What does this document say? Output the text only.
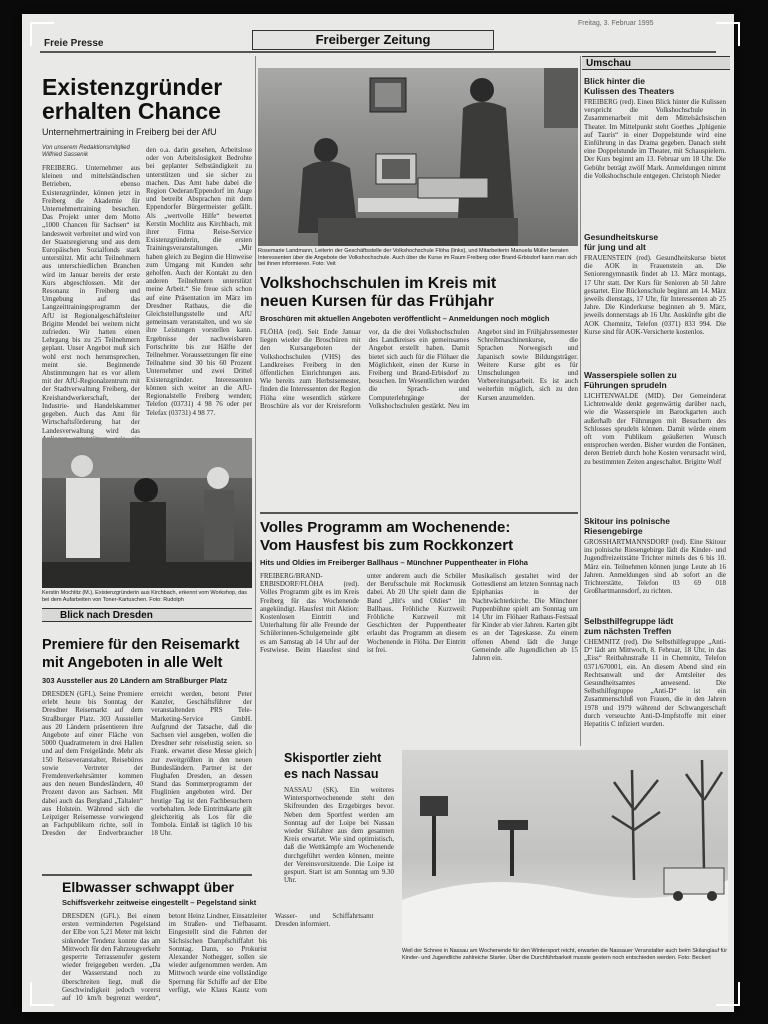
Freie Presse	Freiberger Zeitung
Freitag, 3. Februar 1995
Existenzgründer
erhalten Chance
Unternehmertraining in Freiberg bei der AfU
Von unserem Redaktionsmitglied
Wilfried Sassenik
FREIBERG. Unternehmer aus kleinen und mittelständischen Betrieben, ebenso Existenzgründer, können jetzt in Freiberg die Akademie für Unternehmertraining besuchen. Das Projekt unter dem Motto „1000 Chancen für Sachsen“ ist landesweit verbreitet und wird von der Staatsregierung und aus dem Europäischen Sozialfonds stark unterstützt. Mit acht Teilnehmern aus unterschiedlichen Branchen wird im Januar bereits der erste Kurs abgeschlossen. Mit der Resonanz in Freiberg und Umgebung auf das Langzeittrainingsprogramm der AfU ist Regionalgeschäftsleiter Brigitte Mendel bei weitem nicht zufrieden. Wir hatten einen Lehrgang bis zu 25 Teilnehmern geplant. Unser Angebot muß sich wohl erst noch herumsprechen, meint sie. Beginnende Abstimmungen hat es vor allem mit der AfU-Regionalzentrum mit der Stadtverwaltung Freiberg, der Kreishandwerkerschaft, der Industrie- und Handelskammer gegeben. Auch das Amt für Wirtschaftsförderung hat der Landesverwaltung wird das
den o.a. darin gesehen, Arbeitslose oder von Arbeitslosigkeit Bedrohte bei geplanter Selbständigkeit zu unterstützen und sie sicher zu machen. Das Amt habe dabei die Region Oederan/Eppendorf im Auge und betreibt Absprachen mit dem Eppendorfer Bürgermeister gefällt. Als „wertvolle Hilfe“ bewertet Kerstin Mochlitz aus Kirchbach, mit ihrer Firma Reise-Service Existenzgründerin, die ersten Trainingsveranstaltungen. „Mir haben gleich zu Beginn die Hinweise zum Umgang mit Kunden sehr geholfen. Auch der Kontakt zu den anderen Teilnehmern unterstützt meine Arbeit.“ Sie freue sich schon auf eine Präsentation im März im Dresdner Rathaus, die die Gleichstellungsstelle und AfU gemeinsam veranstalten, und wo sie ihre Leistungen vorstellen kann. Ergebnisse der nachweisbaren Fortschritte bis zur Hälfte der Teilnehmer. Voraussetzungen für eine Teilnahme sind 30 bis 60 Prozent Unternehmer und zwei Drittel Existenzgründer. Interessenten können sich weiter an die AfU-Regionalstelle Freiberg wenden; Telefon (03731) 4 98 76 oder per Telefax (03731) 4 98 77.
Rosemarie Landmann, Leiterin der Geschäftsstelle der Volkshochschule Flöha (links), und Mitarbeiterin Manuela Müller beraten Interessenten über die Angebote der Volkshochschule. Auch über die Kurse im Raum Freiberg oder Brand-Erbisdorf kann man sich bei ihnen informieren. Foto: Veit
Volkshochschulen im Kreis mit
neuen Kursen für das Frühjahr
Broschüren mit aktuellen Angeboten veröffentlicht – Anmeldungen noch möglich
FLÖHA (red). Seit Ende Januar liegen wieder die Broschüren mit den Kursangeboten der Volkshochschulen (VHS) des Landkreises Freiberg in den öffentlichen Einrichtungen aus. Wie bereits zum Herbstsemester, finden die Interessenten der Region Flöha eine wesentlich stärkere Broschüre als vor der Kreisreform vor, da die drei Volkshochschulen des Landkreises ein gemeinsames Angebot erstellt haben. Damit bietet sich auch für die Flöhaer die Möglichkeit, einen der Kurse in Freiberg und Brand-Erbisdorf zu besuchen. Im Wesentlichen wurden die Sprach- und Computerlehrgänge der Volkshochschulen gestärkt. Neu im Angebot sind im Frühjahrssemester Schreibmaschinenkurse, die Sprachen Norwegisch und Japanisch sowie Bildungsträger. Weitere Kurse gibt es für Umschulungen und Vorbereitungsarbeit. Es ist auch weiterhin möglich, sich zu den Kursen anzumelden.
Kerstin Mochlitz (M.), Existenzgründerin aus Kirchbach, erkennt vom Workshop, das bei dem Aufarbeiten von Toner-Kartuschen. Foto: Rudolph
Blick nach Dresden
Premiere für den Reisemarkt
mit Angeboten in alle Welt
303 Aussteller aus 20 Ländern am Straßburger Platz
DRESDEN (GFL). Seine Premiere erlebt heute bis Sonntag der Dresdner Reisemarkt auf dem Straßburger Platz. 303 Aussteller aus 20 Ländern präsentieren ihre Angebote auf einer Fläche von 5000 Quadratmetern in drei Hallen und auf dem Freigelände. Mehr als 150 Reiseveranstalter, Reisebüros sowie Vertreter der Fremdenverkehrsämter kommen aus den neuen Bundesländern, 40 Prozent davon aus Sachsen. Mit dabei auch das Bergland „Taltalen“ aus Holstein. Während sich die Leipziger Reisemesse vorwiegend an Fachpublikum richte, soll in Dresden der Endverbraucher erreicht werden, betont Peter Kanzler, Geschäftsführer der veranstaltenden PRS Tele-Marketing-Service GmbH. Aufgrund der Tatsache, daß die Sachsen viel ausgeben, wollen die Dresdner sehr reiselustig seien. so Frank. erwartet diese Messe gleich zur zweitgrößten in den neuen Bundesländern. Partner ist der Flughafen Dresden, an dessen Stand das Sommerprogramm der Fluglinien angeboten wird. Der heutige Tag ist den Fachbesuchern vorbehalten. Jede Eintrittskarte gilt gleichzeitig als Los für die Tombola. Einlaß ist täglich 10 bis 18 Uhr.
Volles Programm am Wochenende:
Vom Hausfest bis zum Rockkonzert
Hits und Oldies im Freiberger Ballhaus – Münchner Puppentheater in Flöha
FREIBERG/BRAND-ERBISDORF/FLÖHA (red). Volles Programm gibt es im Kreis Freiberg für das Wochenende angekündigt. Hausfest mit Aktion: Kostenlosen Eintritt und Unterhaltung für alle Freunde der Schülerinnen-Schulgemeinde gibt es am Samstag ab 14 Uhr auf der Festwiese. Beim Hausfest sind unter anderem auch die Schüler der Berufsschule mit Rockmusik dabei. Ab 20 Uhr spielt dann die Band „Hit's und Oldies“ im Ballhaus. Fröhliche Kurzweil: Fröhliche Kurzweil mit Geschichten der Puppentheater erlaubt das Programm an diesem Wochenende in Flöha. Der Eintritt ist frei.
Musikalisch gestaltet wird der Gottesdienst am letzten Sonntag nach Epiphanias in der Nachtwächterkirche. Die Münchner Puppenbühne spielt am Sonntag um 14 Uhr im Flöhaer Rathaus-Festsaal für Kinder ab vier Jahren. Karten gibt es an der Tageskasse. Zu einem offenen Abend lädt die Junge Gemeinde alle Jugendlichen ab 15 Jahren ein.
Elbwasser schwappt über
Schiffsverkehr zeitweise eingestellt – Pegelstand sinkt
DRESDEN (GFL). Bei einem ersten verminderten Pegelstand der Elbe von 5,21 Meter mit leicht sinkender Tendenz konnte das am Mittwoch für den Fahrzeugverkehr gesperrte Terrassenufer gestern wieder freigegeben werden. „Da der Wasserstand noch zu überschreiten liegt, muß die Geschwindigkeit jedoch vorerst auf 10 km/h begrenzt werden“, betont Heinz Lindner, Einsatzleiter im Straßen- und Tiefbauamt. Eingestellt sind die Fahrten der Sächsischen Dampfschiffahrt bis Sonntag. Dann, so Prokurist Alexander Nothegger, sollen sie wieder aufgenommen werden. Am Mittwoch wurde eine vollständige Sperrung für Schiffe auf der Elbe verfügt, wie Klaus Kautz vom Wasser- und Schiffahrtsamt Dresden informiert.
Skisportler zieht
es nach Nassau
NASSAU (SK). Ein weiteres Wintersportwochenende steht den Skifreunden des Erzgebirges bevor. Neben dem Sportfest werden am Sonntag auf der Loipe bei Nassau wieder Skifahrer aus dem gesamten Kreis erwartet. Wie sind optimistisch, daß die Wettkämpfe am Wochenende durchgeführt werden können, meinte der Vereinsvorsitzende. Die Loipe ist gespurt. Start ist am Sonntag um 9.30 Uhr.
Weil der Schnee in Nassau am Wochenende für den Wintersport reicht, erwarten die Nassauer Veranstalter auch beim Skilanglauf für Kinder- und Jugendliche zahlreiche Starter. Über die Durchführbarkeit musste gestern noch entschieden werden. Foto: Beckert
Umschau
Blick hinter die
Kulissen des Theaters
FREIBERG (red). Einen Blick hinter die Kulissen verspricht die Volkshochschule in Zusammenarbeit mit dem Mittelsächsischen Theater. Im Mittelpunkt steht Goethes „Iphigenie auf Tauris“ in einer Doppelstunde wird eine Einführung in das Drama gegeben. Danach steht eine Doppelstunde im Theater, mit Schauspielern. Der Kurs beginnt am 13. Februar um 18 Uhr. Die Gebühr beträgt zwölf Mark. Anmeldungen nimmt die Volkshochschule entgegen. Christoph Nieder
Gesundheitskurse
für jung und alt
FRAUENSTEIN (red). Gesundheitskurse bietet die AOK in Frauenstein an. Die Seniorengymnastik findet ab 13. März montags, 17 Uhr statt. Der Kurs für Senioren ab 50 Jahre gestartet. Eine Rückenschule beginnt am 14. März jeweils dienstags, 17 Uhr, für Interessenten ab 25 Jahre. Die Kinderkurse beginnen ab 9. März, jeweils donnerstags ab 16 Uhr. Auskünfte gibt die AOK Chemnitz, Telefon (0371) 833 994. Die Kurse sind für AOK-Versicherte kostenlos.
Wasserspiele sollen zu
Führungen sprudeln
LICHTENWALDE (MID). Der Gemeinderat Lichtenwalde denkt gegenwärtig darüber nach, wie die Wasserspiele im Barockgarten auch außerhalb der Führungen mit Besuchern des Schlosses sprudeln können. Damit würde einem oft vom Publikum geäußerten Wunsch entsprochen werden. Bisher wurden die Fontänen, deren Betrieb durch hohe Kosten verursacht wird, zu bestimmten Zeiten angeschaltet. Brigitte Wolf
Skitour ins polnische
Riesengebirge
GROSSHARTMANNSDORF (red). Eine Skitour ins polnische Riesengebirge lädt die Kinder- und Jugendfreizeitstätte Trichter mittels des 6 bis 10. März ein. Teilnehmen können junge Leute ab 16 Jahren. Anmeldungen sind ab sofort an die Trichterstätte, Telefon 03 69 018 Großhartmannsdorf, zu richten.
Selbsthilfegruppe lädt
zum nächsten Treffen
CHEMNITZ (red). Die Selbsthilfegruppe „Anti-D“ lädt am Mittwoch, 8. Februar, 18 Uhr, in das „Eiss“ Reitbahnstraße 11 in Chemnitz, Telefon 0371/670001, ein. An diesem Abend sind ein Rechtsanwalt und der Amtsleiter des Gesundheitsamtes anwesend. Die Selbsthilfegruppe „Anti-D“ ist ein Zusammenschluß von Frauen, die in den Jahren 1978 und 1979 während der Schwangerschaft durch verseuchte Anti-D-Impfstoffe mit einer Hepatitis C infiziert wurden.
